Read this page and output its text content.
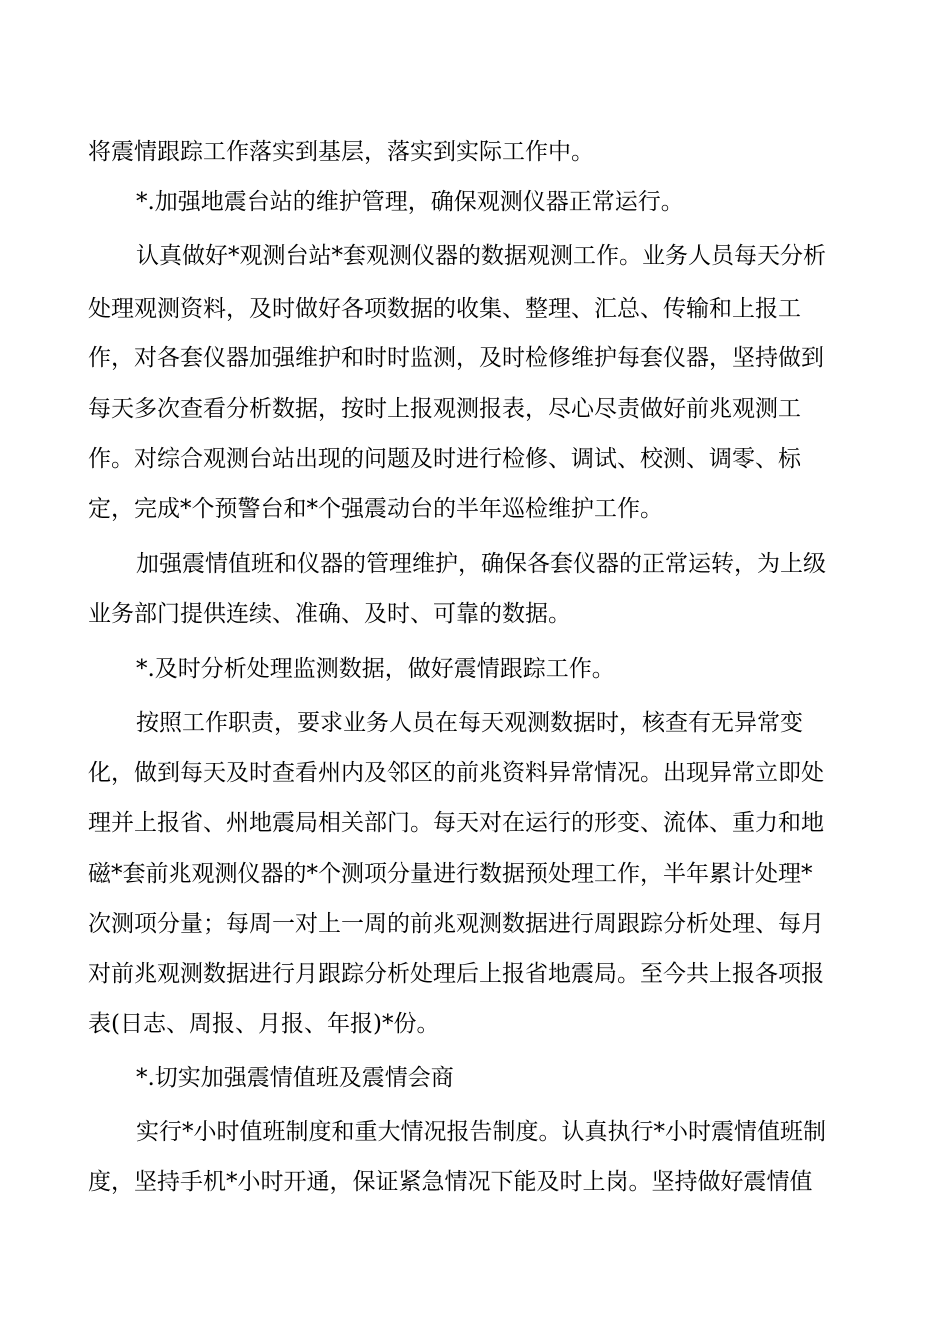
将震情跟踪工作落实到基层，落实到实际工作中。
*.加强地震台站的维护管理，确保观测仪器正常运行。
认真做好*观测台站*套观测仪器的数据观测工作。业务人员每天分析
处理观测资料，及时做好各项数据的收集、整理、汇总、传输和上报工
作，对各套仪器加强维护和时时监测，及时检修维护每套仪器，坚持做到
每天多次查看分析数据，按时上报观测报表，尽心尽责做好前兆观测工
作。对综合观测台站出现的问题及时进行检修、调试、校测、调零、标
定，完成*个预警台和*个强震动台的半年巡检维护工作。
加强震情值班和仪器的管理维护，确保各套仪器的正常运转，为上级
业务部门提供连续、准确、及时、可靠的数据。
*.及时分析处理监测数据，做好震情跟踪工作。
按照工作职责，要求业务人员在每天观测数据时，核查有无异常变
化，做到每天及时查看州内及邻区的前兆资料异常情况。出现异常立即处
理并上报省、州地震局相关部门。每天对在运行的形变、流体、重力和地
磁*套前兆观测仪器的*个测项分量进行数据预处理工作，半年累计处理*
次测项分量；每周一对上一周的前兆观测数据进行周跟踪分析处理、每月
对前兆观测数据进行月跟踪分析处理后上报省地震局。至今共上报各项报
表(日志、周报、月报、年报)*份。
*.切实加强震情值班及震情会商
实行*小时值班制度和重大情况报告制度。认真执行*小时震情值班制
度，坚持手机*小时开通，保证紧急情况下能及时上岗。坚持做好震情值
